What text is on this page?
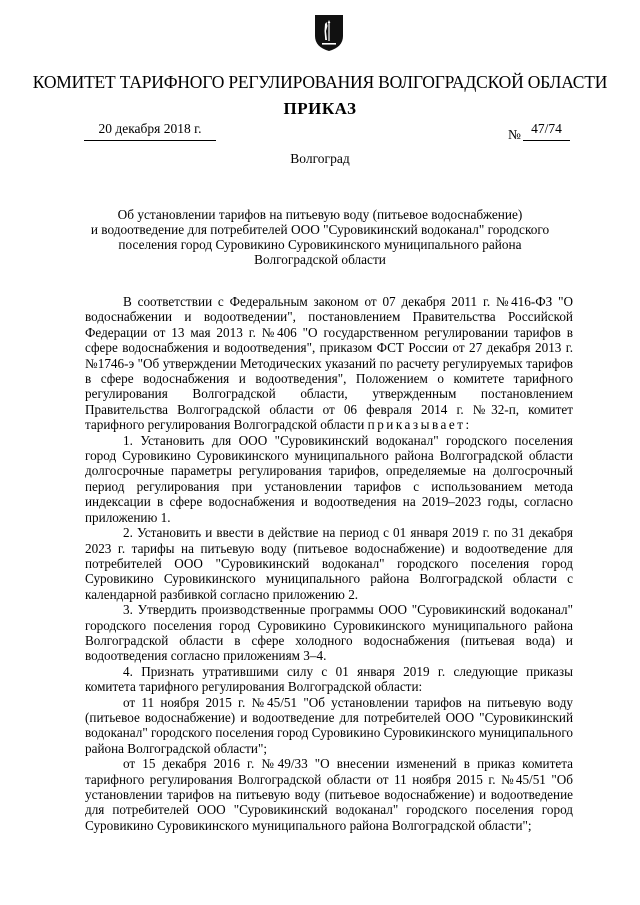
КОМИТЕТ ТАРИФНОГО РЕГУЛИРОВАНИЯ ВОЛГОГРАДСКОЙ ОБЛАСТИ
ПРИКАЗ
20 декабря 2018 г.	№ 47/74
Волгоград
Об установлении тарифов на питьевую воду (питьевое водоснабжение)
и водоотведение для потребителей ООО "Суровикинский водоканал" городского
поселения город Суровикино Суровикинского муниципального района
Волгоградской области

В соответствии с Федеральным законом от 07 декабря 2011 г. №416-ФЗ "О водоснабжении и водоотведении", постановлением Правительства Российской Федерации от 13 мая 2013 г. №406 "О государственном регулировании тарифов в сфере водоснабжения и водоотведения", приказом ФСТ России от 27 декабря 2013 г. №1746-э "Об утверждении Методических указаний по расчету регулируемых тарифов в сфере водоснабжения и водоотведения", Положением о комитете тарифного регулирования Волгоградской области, утвержденным постановлением Правительства Волгоградской области от 06 февраля 2014 г. №32-п, комитет тарифного регулирования Волгоградской области приказывает:

1. Установить для ООО "Суровикинский водоканал" городского поселения город Суровикино Суровикинского муниципального района Волгоградской области долгосрочные параметры регулирования тарифов, определяемые на долгосрочный период регулирования при установлении тарифов с использованием метода индексации в сфере водоснабжения и водоотведения на 2019–2023 годы, согласно приложению 1.

2. Установить и ввести в действие на период с 01 января 2019 г. по 31 декабря 2023 г. тарифы на питьевую воду (питьевое водоснабжение) и водоотведение для потребителей ООО "Суровикинский водоканал" городского поселения город Суровикино Суровикинского муниципального района Волгоградской области с календарной разбивкой согласно приложению 2.

3. Утвердить производственные программы ООО "Суровикинский водоканал" городского поселения город Суровикино Суровикинского муниципального района Волгоградской области в сфере холодного водоснабжения (питьевая вода) и водоотведения согласно приложениям 3–4.

4. Признать утратившими силу с 01 января 2019 г. следующие приказы комитета тарифного регулирования Волгоградской области:

от 11 ноября 2015 г. №45/51 "Об установлении тарифов на питьевую воду (питьевое водоснабжение) и водоотведение для потребителей ООО "Суровикинский водоканал" городского поселения город Суровикино Суровикинского муниципального района Волгоградской области";

от 15 декабря 2016 г. №49/33 "О внесении изменений в приказ комитета тарифного регулирования Волгоградской области от 11 ноября 2015 г. №45/51 "Об установлении тарифов на питьевую воду (питьевое водоснабжение) и водоотведение для потребителей ООО "Суровикинский водоканал" городского поселения город Суровикино Суровикинского муниципального района Волгоградской области";
